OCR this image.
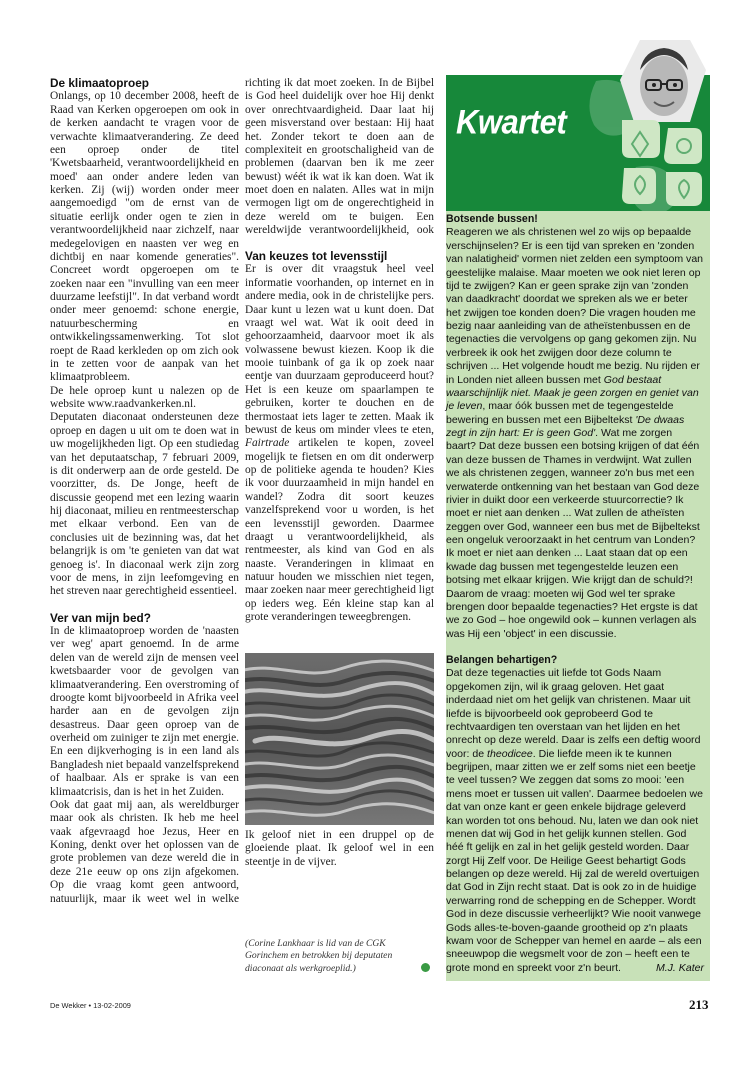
De klimaatoproep

Onlangs, op 10 december 2008, heeft de Raad van Kerken opgeroepen om ook in de kerken aandacht te vragen voor de verwachte klimaatverandering. Ze deed een oproep onder de titel 'Kwetsbaarheid, verantwoordelijkheid en moed' aan onder andere leden van kerken. Zij (wij) worden onder meer aangemoedigd "om de ernst van de situatie eerlijk onder ogen te zien in verantwoordelijkheid naar zichzelf, naar medegelovigen en naasten ver weg en dichtbij en naar komende generaties". Concreet wordt opgeroepen om te zoeken naar een "invulling van een meer duurzame leefstijl". In dat verband wordt onder meer genoemd: schone energie, natuurbescherming en ontwikkelingssamenwerking. Tot slot roept de Raad kerkleden op om zich ook in te zetten voor de aanpak van het klimaatprobleem.

De hele oproep kunt u nalezen op de website www.raadvankerken.nl.

Deputaten diaconaat ondersteunen deze oproep en dagen u uit om te doen wat in uw mogelijkheden ligt. Op een studiedag van het deputaatschap, 7 februari 2009, is dit onderwerp aan de orde gesteld. De voorzitter, ds. De Jonge, heeft de discussie geopend met een lezing waarin hij diaconaat, milieu en rentmeesterschap met elkaar verbond. Een van de conclusies uit de bezinning was, dat het belangrijk is om 'te genieten van dat wat genoeg is'. In diaconaal werk zijn zorg voor de mens, in zijn leefomgeving en het streven naar gerechtigheid essentieel.

Ver van mijn bed?

In de klimaatoproep worden de 'naasten ver weg' apart genoemd. In de arme delen van de wereld zijn de mensen veel kwetsbaarder voor de gevolgen van klimaatverandering. Een overstroming of droogte komt bijvoorbeeld in Afrika veel harder aan en de gevolgen zijn desastreus. Daar geen oproep van de overheid om zuiniger te zijn met energie. En een dijkverhoging is in een land als Bangladesh niet bepaald vanzelfsprekend of haalbaar. Als er sprake is van een klimaatcrisis, dan is het in het Zuiden.

Ook dat gaat mij aan, als wereldburger maar ook als christen. Ik heb me heel vaak afgevraagd hoe Jezus, Heer en Koning, denkt over het oplossen van de grote problemen van deze wereld die in deze 21e eeuw op ons zijn afgekomen. Op die vraag komt geen antwoord, natuurlijk, maar ik weet wel in welke

richting ik dat moet zoeken. In de Bijbel is God heel duidelijk over hoe Hij denkt over onrechtvaardigheid. Daar laat hij geen misverstand over bestaan: Hij haat het. Zonder tekort te doen aan de complexiteit en grootschaligheid van de problemen (daarvan ben ik me zeer bewust) wéét ik wat ik kan doen. Wat ik moet doen en nalaten. Alles wat in mijn vermogen ligt om de ongerechtigheid in deze wereld om te buigen. Een wereldwijde verantwoordelijkheid, ook

Van keuzes tot levensstijl

Er is over dit vraagstuk heel veel informatie voorhanden, op internet en in andere media, ook in de christelijke pers. Daar kunt u lezen wat u kunt doen. Dat vraagt wel wat. Wat ik ooit deed in gehoorzaamheid, daarvoor moet ik als volwassene bewust kiezen. Koop ik die mooie tuinbank of ga ik op zoek naar eentje van duurzaam geproduceerd hout? Het is een keuze om spaarlampen te gebruiken, korter te douchen en de thermostaat iets lager te zetten. Maak ik bewust de keus om minder vlees te eten, Fairtrade artikelen te kopen, zoveel mogelijk te fietsen en om dit onderwerp op de politieke agenda te houden? Kies ik voor duurzaamheid in mijn handel en wandel? Zodra dit soort keuzes vanzelfsprekend voor u worden, is het een levensstijl geworden. Daarmee draagt u verantwoordelijkheid, als rentmeester, als kind van God en als naaste. Veranderingen in klimaat en natuur houden we misschien niet tegen, maar zoeken naar meer gerechtigheid ligt op ieders weg. Eén kleine stap kan al grote veranderingen teweegbrengen.

Ik geloof niet in een druppel op de gloeiende plaat. Ik geloof wel in een steentje in de vijver.
(Corine Lankhaar is lid van de CGK Gorinchem en betrokken bij deputaten diaconaat als werkgroeplid.)
Kwartet
Botsende bussen!

Reageren we als christenen wel zo wijs op bepaalde verschijnselen? Er is een tijd van spreken en 'zonden van nalatigheid' vormen niet zelden een symptoom van geestelijke malaise. Maar moeten we ook niet leren op tijd te zwijgen? Kan er geen sprake zijn van 'zonden van daadkracht' doordat we spreken als we er beter het zwijgen toe konden doen? Die vragen houden me bezig naar aanleiding van de atheïstenbussen en de tegenacties die vervolgens op gang gekomen zijn. Nu verbreek ik ook het zwijgen door deze column te schrijven ... Het volgende houdt me bezig. Nu rijden er in Londen niet alleen bussen met God bestaat waarschijnlijk niet. Maak je geen zorgen en geniet van je leven, maar óók bussen met de tegengestelde bewering en bussen met een Bijbeltekst 'De dwaas zegt in zijn hart: Er is geen God'. Wat me zorgen baart? Dat deze bussen een botsing krijgen of dat één van deze bussen de Thames in verdwijnt. Wat zullen we als christenen zeggen, wanneer zo'n bus met een verwaterde ontkenning van het bestaan van God deze rivier in duikt door een verkeerde stuurcorrectie? Ik moet er niet aan denken ... Wat zullen de atheïsten zeggen over God, wanneer een bus met de Bijbeltekst een ongeluk veroorzaakt in het centrum van Londen? Ik moet er niet aan denken ... Laat staan dat op een kwade dag bussen met tegengestelde leuzen een botsing met elkaar krijgen. Wie krijgt dan de schuld?! Daarom de vraag: moeten wij God wel ter sprake brengen door bepaalde tegenacties? Het ergste is dat we zo God – hoe ongewild ook – kunnen verlagen als was Hij een 'object' in een discussie.

Belangen behartigen?

Dat deze tegenacties uit liefde tot Gods Naam opgekomen zijn, wil ik graag geloven. Het gaat inderdaad niet om het gelijk van christenen. Maar uit liefde is bijvoorbeeld ook geprobeerd God te rechtvaardigen ten overstaan van het lijden en het onrecht op deze wereld. Daar is zelfs een deftig woord voor: de theodicee. Die liefde meen ik te kunnen begrijpen, maar zitten we er zelf soms niet een beetje te veel tussen? We zeggen dat soms zo mooi: 'een mens moet er tussen uit vallen'. Daarmee bedoelen we dat van onze kant er geen enkele bijdrage geleverd kan worden tot ons behoud. Nu, laten we dan ook niet menen dat wij God in het gelijk kunnen stellen. God héé ft gelijk en zal in het gelijk gesteld worden. Daar zorgt Hij Zelf voor. De Heilige Geest behartigt Gods belangen op deze wereld. Hij zal de wereld overtuigen dat God in Zijn recht staat. Dat is ook zo in de huidige verwarring rond de schepping en de Schepper. Wordt God in deze discussie verheerlijkt? Wie nooit vanwege Gods alles-te-boven-gaande grootheid op z'n plaats kwam voor de Schepper van hemel en aarde – als een sneeuwpop die wegsmelt voor de zon – heeft een te grote mond en spreekt voor z'n beurt.	M.J. Kater
De Wekker • 13-02-2009	213
